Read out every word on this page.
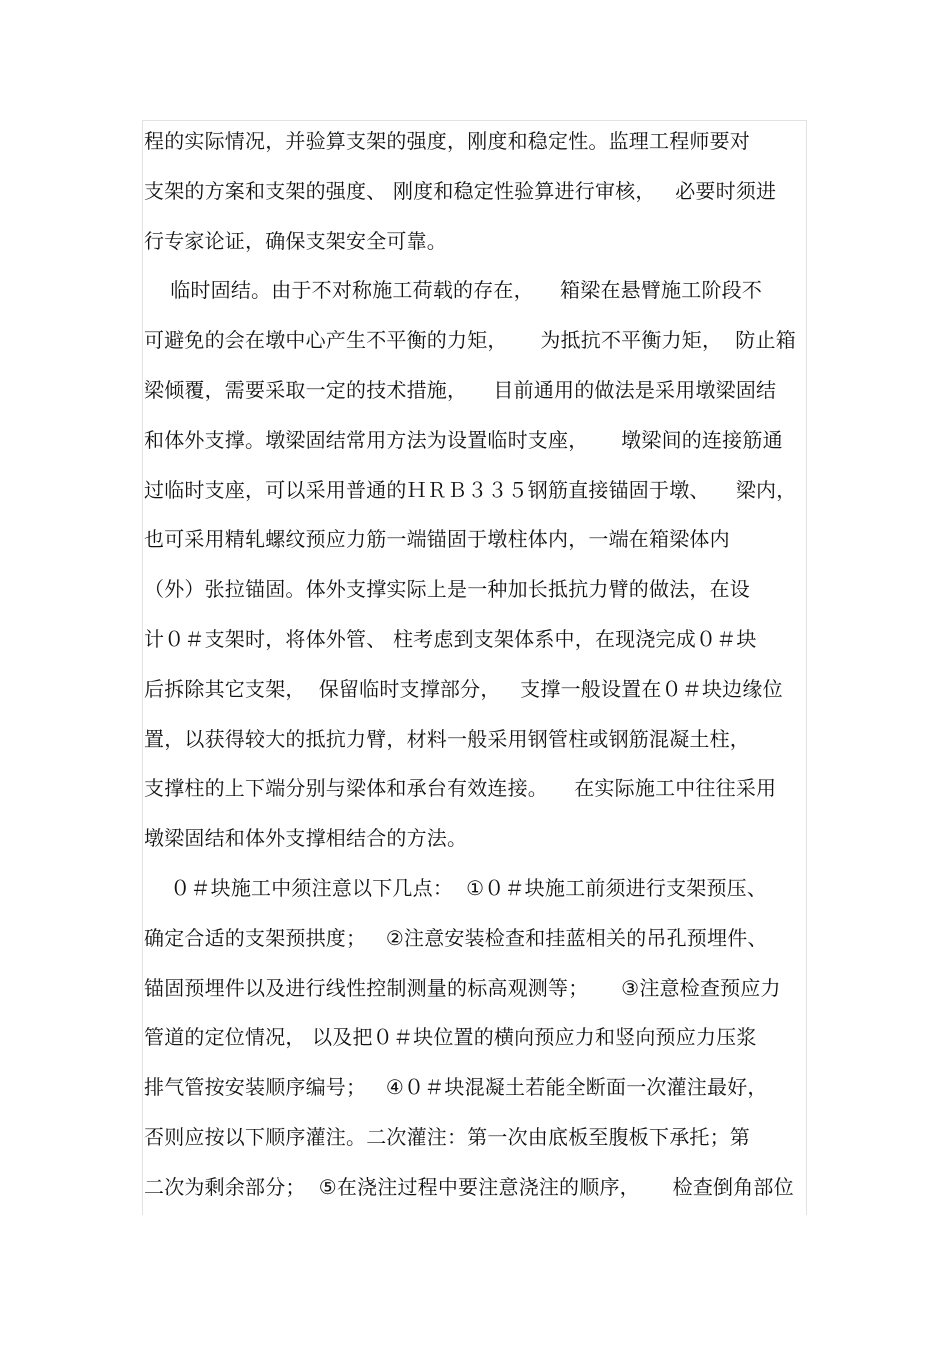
程的实际情况，并验算支架的强度，刚度和稳定性。监理工程师要对
支架的方案和支架的强度、 刚度和稳定性验算进行审核，   必要时须进
行专家论证，确保支架安全可靠。
临时固结。由于不对称施工荷载的存在，    箱梁在悬臂施工阶段不
可避免的会在墩中心产生不平衡的力矩，     为抵抗不平衡力矩，  防止箱
梁倾覆，需要采取一定的技术措施，    目前通用的做法是采用墩梁固结
和体外支撑。墩梁固结常用方法为设置临时支座，     墩梁间的连接筋通
过临时支座，可以采用普通的ＨＲＢ３３５钢筋直接锚固于墩、    梁内，
也可采用精轧螺纹预应力筋一端锚固于墩柱体内，一端在箱梁体内
（外）张拉锚固。体外支撑实际上是一种加长抵抗力臂的做法，在设
计０＃支架时，将体外管、 柱考虑到支架体系中，在现浇完成０＃块
后拆除其它支架，  保留临时支撑部分，   支撑一般设置在０＃块边缘位
置，以获得较大的抵抗力臂，材料一般采用钢管柱或钢筋混凝土柱，
支撑柱的上下端分别与梁体和承台有效连接。    在实际施工中往往采用
墩梁固结和体外支撑相结合的方法。
０＃块施工中须注意以下几点：  ①０＃块施工前须进行支架预压、
确定合适的支架预拱度；   ②注意安装检查和挂蓝相关的吊孔预埋件、
锚固预埋件以及进行线性控制测量的标高观测等；     ③注意检查预应力
管道的定位情况， 以及把０＃块位置的横向预应力和竖向预应力压浆
排气管按安装顺序编号；   ④０＃块混凝土若能全断面一次灌注最好，
否则应按以下顺序灌注。二次灌注：第一次由底板至腹板下承托；第
二次为剩余部分；  ⑤在浇注过程中要注意浇注的顺序，     检查倒角部位
